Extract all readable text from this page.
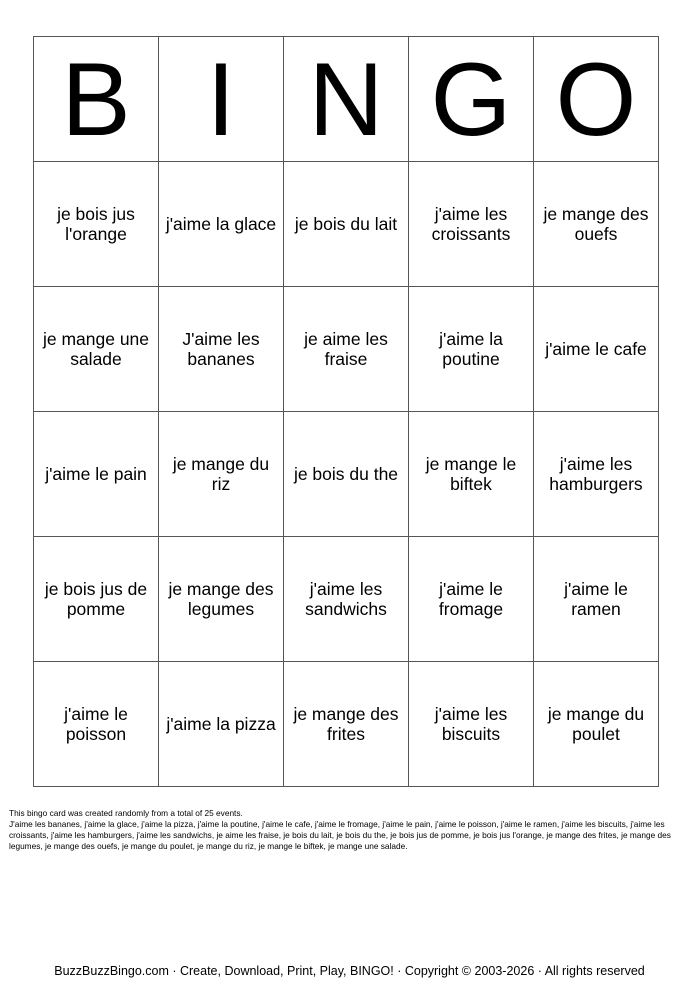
B	I	N	G	O
je bois jus l'orange	j'aime la glace	je bois du lait	j'aime les croissants	je mange des ouefs
je mange une salade	J'aime les bananes	je aime les fraise	j'aime la poutine	j'aime le cafe
j'aime le pain	je mange du riz	je bois du the	je mange le biftek	j'aime les hamburgers
je bois jus de pomme	je mange des legumes	j'aime les sandwichs	j'aime le fromage	j'aime le ramen
j'aime le poisson	j'aime la pizza	je mange des frites	j'aime les biscuits	je mange du poulet
This bingo card was created randomly from a total of 25 events.
J'aime les bananes, j'aime la glace, j'aime la pizza, j'aime la poutine, j'aime le cafe, j'aime le fromage, j'aime le pain, j'aime le poisson, j'aime le ramen, j'aime les biscuits, j'aime les croissants, j'aime les hamburgers, j'aime les sandwichs, je aime les fraise, je bois du lait, je bois du the, je bois jus de pomme, je bois jus l'orange, je mange des frites, je mange des legumes, je mange des ouefs, je mange du poulet, je mange du riz, je mange le biftek, je mange une salade.
BuzzBuzzBingo.com · Create, Download, Print, Play, BINGO! · Copyright © 2003-2026 · All rights reserved
